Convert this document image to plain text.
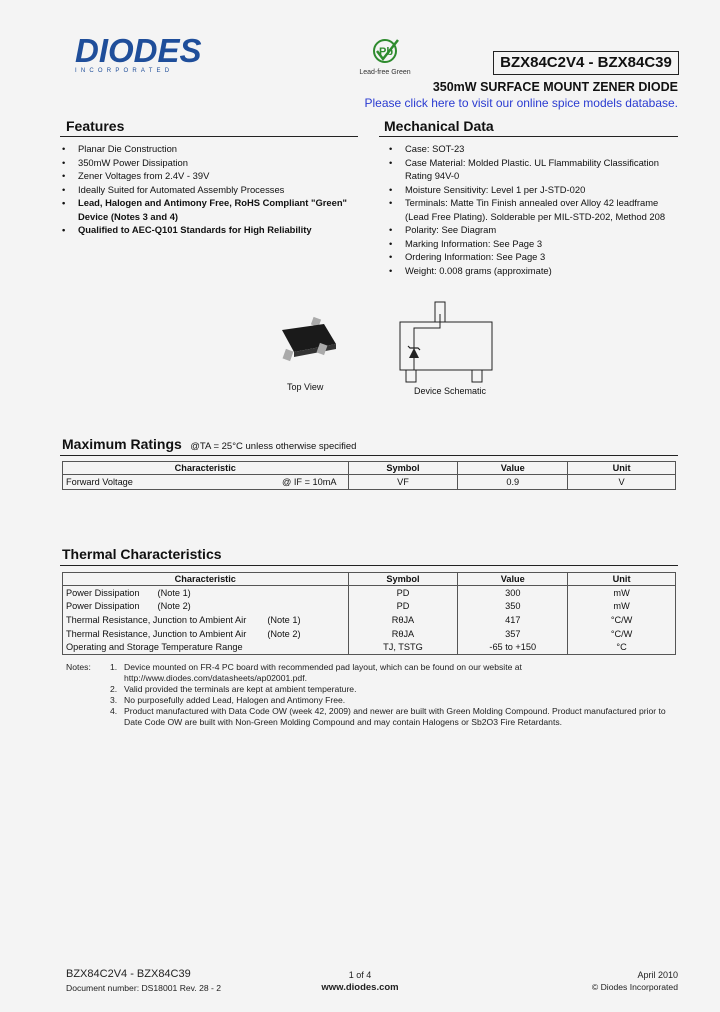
DIODES
INCORPORATED
Pb
Lead-free Green
BZX84C2V4 - BZX84C39
350mW SURFACE MOUNT ZENER DIODE
Please click here to visit our online spice models database.
Features
• Planar Die Construction
• 350mW Power Dissipation
• Zener Voltages from 2.4V - 39V
• Ideally Suited for Automated Assembly Processes
• Lead, Halogen and Antimony Free, RoHS Compliant "Green" Device (Notes 3 and 4)
• Qualified to AEC-Q101 Standards for High Reliability
Mechanical Data
• Case: SOT-23
• Case Material: Molded Plastic. UL Flammability Classification Rating 94V-0
• Moisture Sensitivity: Level 1 per J-STD-020
• Terminals: Matte Tin Finish annealed over Alloy 42 leadframe (Lead Free Plating). Solderable per MIL-STD-202, Method 208
• Polarity: See Diagram
• Marking Information: See Page 3
• Ordering Information: See Page 3
• Weight: 0.008 grams (approximate)
Top View	Device Schematic
Maximum Ratings @TA = 25°C unless otherwise specified
Characteristic	Symbol	Value	Unit
Forward Voltage @ IF = 10mA	VF	0.9	V
Thermal Characteristics
Characteristic	Symbol	Value	Unit
Power Dissipation (Note 1)	PD	300	mW
Power Dissipation (Note 2)	PD	350	mW
Thermal Resistance, Junction to Ambient Air (Note 1)	RθJA	417	°C/W
Thermal Resistance, Junction to Ambient Air (Note 2)	RθJA	357	°C/W
Operating and Storage Temperature Range	TJ, TSTG	-65 to +150	°C
Notes: 1. Device mounted on FR-4 PC board with recommended pad layout, which can be found on our website at http://www.diodes.com/datasheets/ap02001.pdf.
2. Valid provided the terminals are kept at ambient temperature.
3. No purposefully added Lead, Halogen and Antimony Free.
4. Product manufactured with Data Code OW (week 42, 2009) and newer are built with Green Molding Compound. Product manufactured prior to Date Code OW are built with Non-Green Molding Compound and may contain Halogens or Sb2O3 Fire Retardants.
BZX84C2V4 - BZX84C39
Document number: DS18001 Rev. 28 - 2
1 of 4
www.diodes.com
April 2010
© Diodes Incorporated
